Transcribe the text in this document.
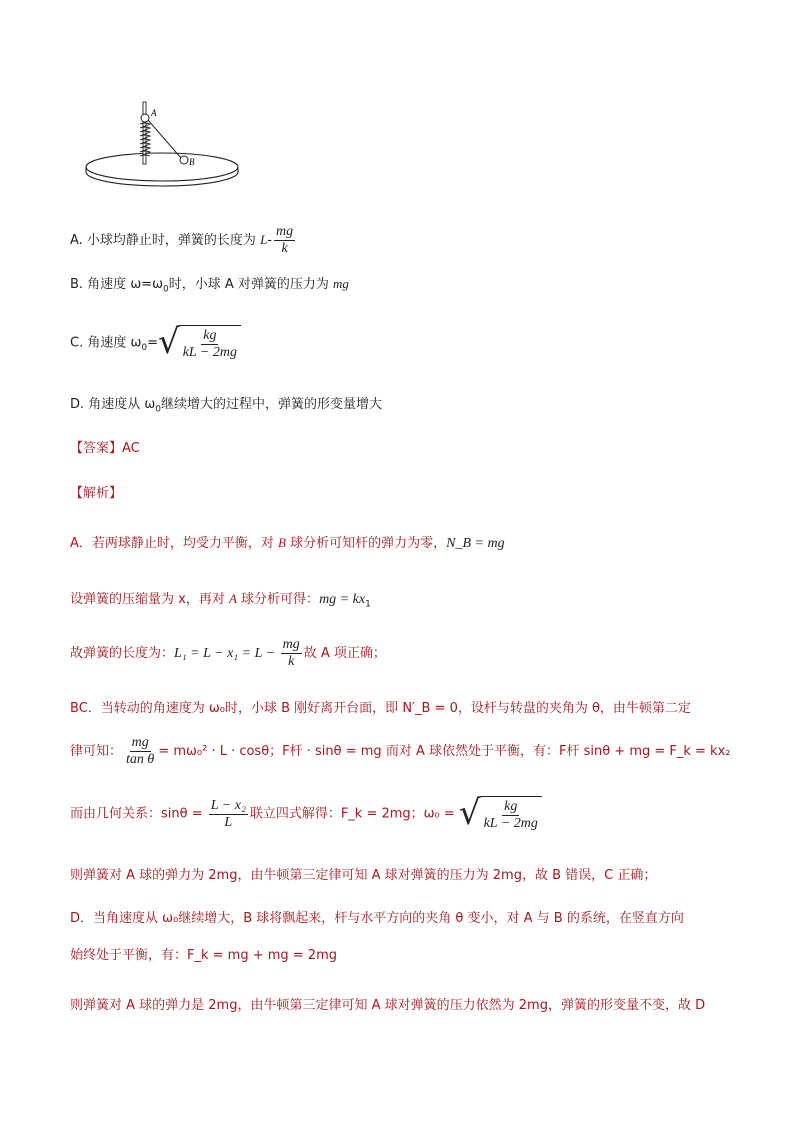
A
B
A. 小球均静止时，弹簧的长度为 $L- \frac{mg}{k}$
B. 角速度 $\omega=\omega_0$时，小球 A 对弹簧的压力为 mg
C. 角速度 $\omega_0=$ √ $\frac{kg}{kL - 2mg}$
D. 角速度从 $\omega_0$继续增大的过程中，弹簧的形变量增大
【答案】AC
【解析】
A．若两球静止时，均受力平衡，对 B 球分析可知杆的弹力为零，N_B = mg
设弹簧的压缩量为 x，再对 A 球分析可得：mg = $kx_1$
故弹簧的长度为：$L_1 = L - x_1 = L - \frac{mg}{k}$ 故 A 项正确；
BC．当转动的角速度为 ω₀时，小球 B 刚好离开台面，即 N′_B = 0，设杆与转盘的夹角为 θ，由牛顿第二定
律可知： $\frac{mg}{\text{tan θ}} = m\omega_0^2 \cdot L \cdot \cos\theta$；F杆 · sinθ = mg 而对 A 球依然处于平衡，有：F杆 sinθ + mg = F_k = kx₂
而由几何关系：$\sin\theta = \frac{\text{L − x₂}}{L}$ 联立四式解得：F_k = 2mg；ω₀ = √ $\frac{kg}{kL - 2mg}$
则弹簧对 A 球的弹力为 2mg，由牛顿第三定律可知 A 球对弹簧的压力为 2mg，故 B 错误，C 正确；
D．当角速度从 ω₀继续增大，B 球将飘起来，杆与水平方向的夹角 θ 变小，对 A 与 B 的系统，在竖直方向
始终处于平衡，有：F_k = mg + mg = 2mg
则弹簧对 A 球的弹力是 2mg，由牛顿第三定律可知 A 球对弹簧的压力依然为 2mg，弹簧的形变量不变，故 D
